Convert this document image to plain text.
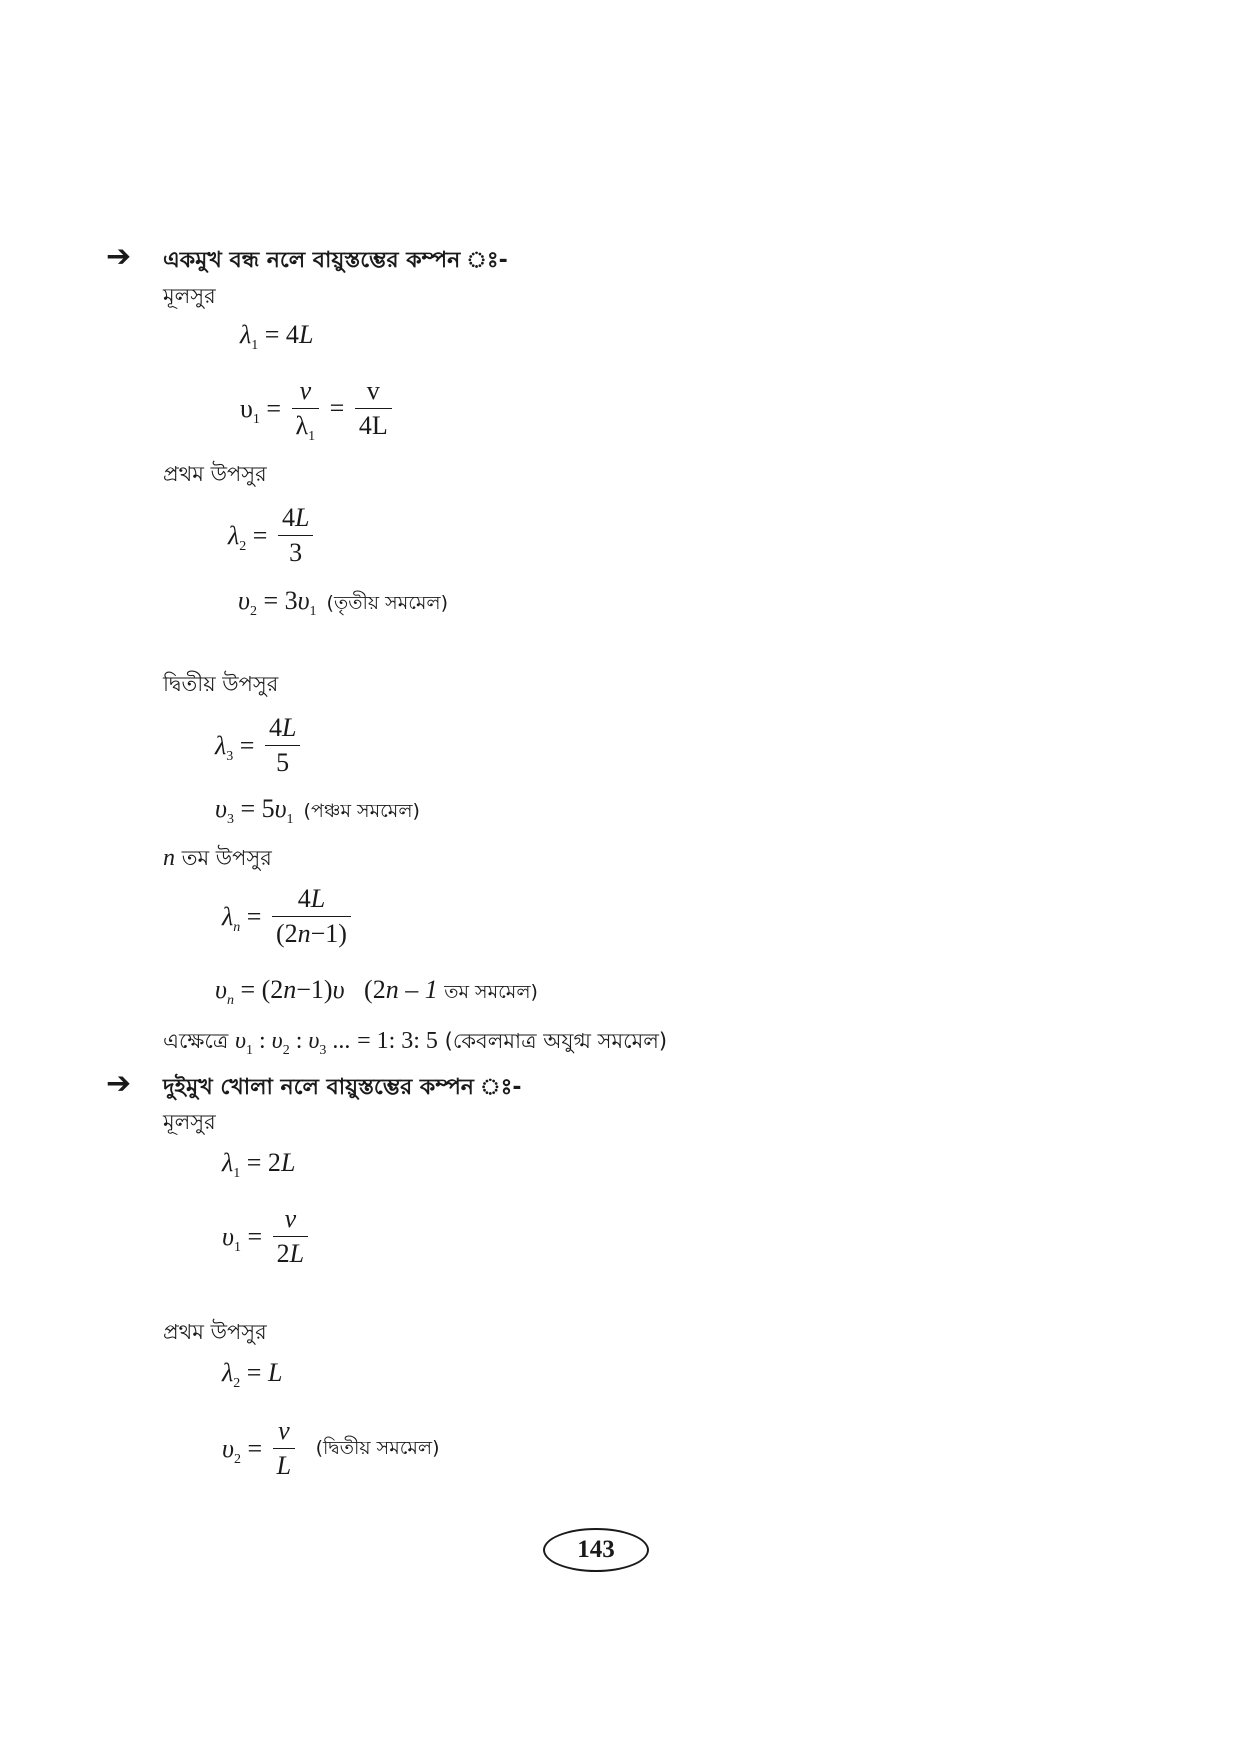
➔ একমুখ বন্ধ নলে বায়ুস্তম্ভের কম্পন ঃ-
মূলসুর
$\lambda_1 = 4L$
$\upsilon_1 = \frac{v}{\lambda_1} = \frac{v}{4L}$
প্রথম উপসুর
$\lambda_2 = \frac{4L}{3}$
$\upsilon_2 = 3\upsilon_1$ (তৃতীয় সমমেল)
দ্বিতীয় উপসুর
$\lambda_3 = \frac{4L}{5}$
$\upsilon_3 = 5\upsilon_1$ (পঞ্চম সমমেল)
n তম উপসুর
$\lambda_n = \frac{4L}{(2n-1)}$
$\upsilon_n = (2n-1)\upsilon$   (2n – 1 তম সমমেল)
এক্ষেত্রে $\upsilon_1$ : $\upsilon_2$ : $\upsilon_3$ ... = 1: 3: 5 (কেবলমাত্র অযুগ্ম সমমেল)
➔ দুইমুখ খোলা নলে বায়ুস্তম্ভের কম্পন ঃ-
মূলসুর
$\lambda_1 = 2L$
$\upsilon_1 = \frac{v}{2L}$
প্রথম উপসুর
$\lambda_2 = L$
$\upsilon_2 = \frac{v}{L}$ (দ্বিতীয় সমমেল)
143
